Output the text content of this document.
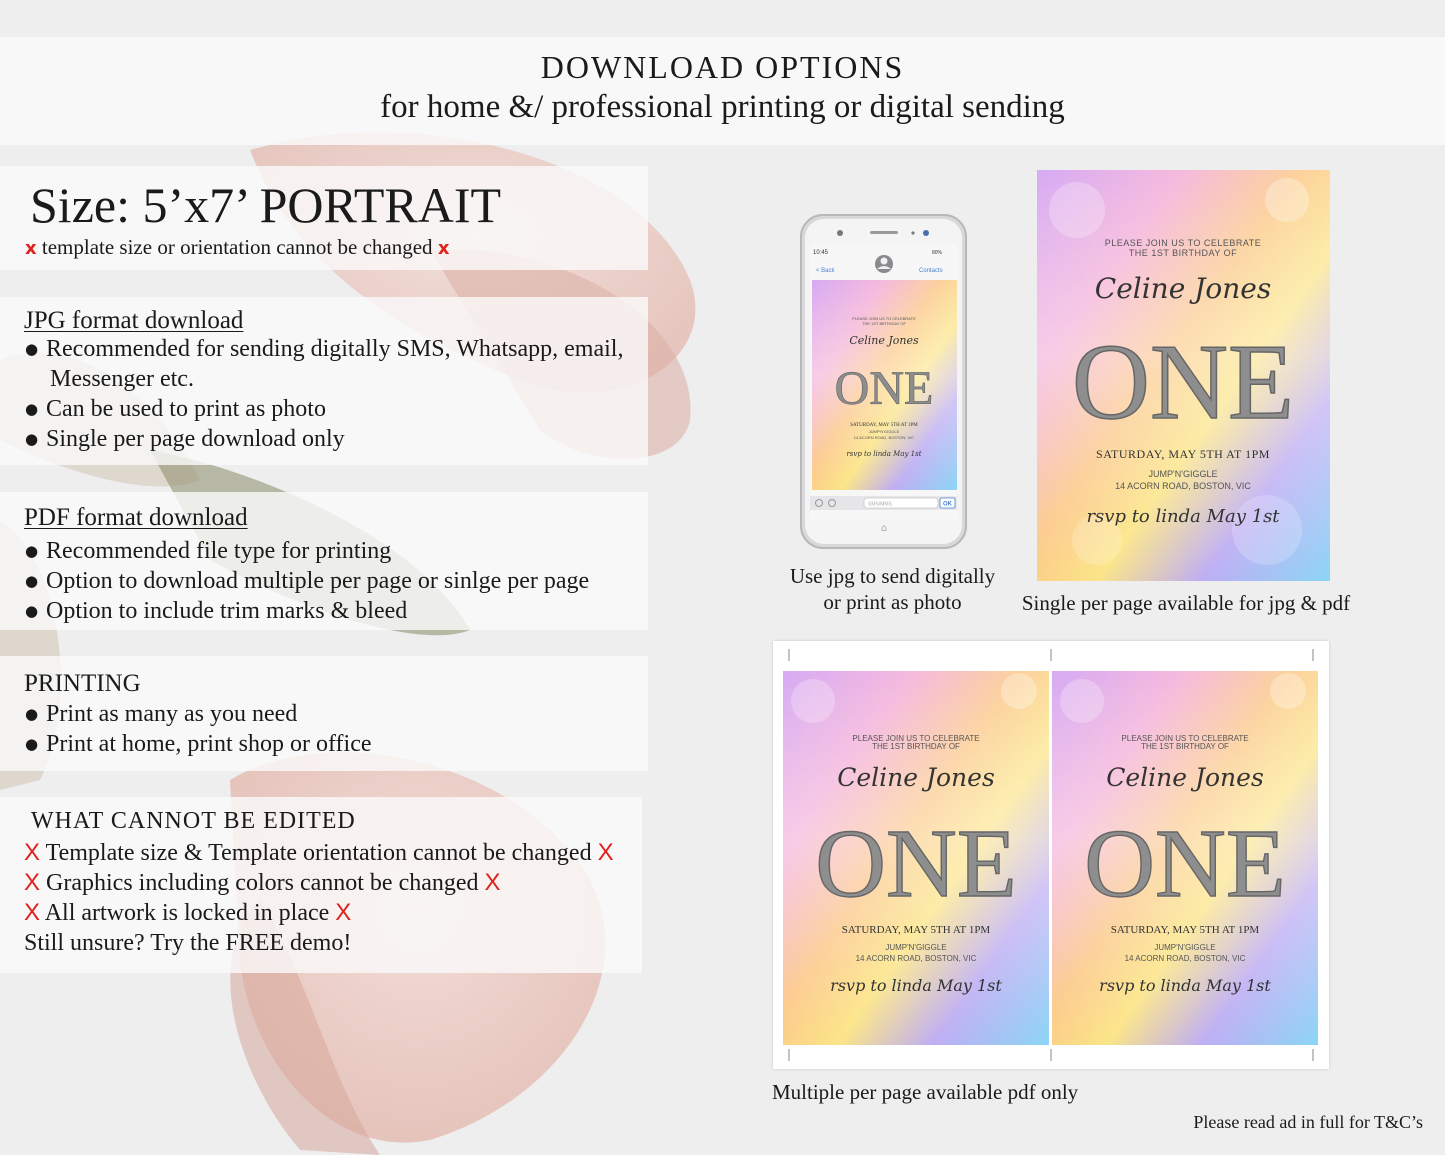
DOWNLOAD OPTIONS
for home &/ professional printing or digital sending
Size: 5’x7’ PORTRAIT
x template size or orientation cannot be changed x
JPG format download
● Recommended for sending digitally SMS, Whatsapp, email,
Messenger etc.
● Can be used to print as photo
● Single per page download only
PDF format download
● Recommended file type for printing
● Option to download multiple per page or sinlge per page
● Option to include trim marks & bleed
PRINTING
● Print as many as you need
● Print at home, print shop or office
WHAT CANNOT BE EDITED
X Template size & Template orientation cannot be changed X
X Graphics including colors cannot be changed X
X All artwork is locked in place X
Still unsure? Try the FREE demo!
10:45	80%
< Back	Contacts
PLEASE JOIN US TO CELEBRATE
THE 1ST BIRTHDAY OF
Celine Jones
ONE
SATURDAY, MAY 5TH AT 1PM
JUMP'N'GIGGLE
14 ACORN ROAD, BOSTON, VIC
rsvp to linda May 1st
SMS/MMS	OK
⌂
Use jpg to send digitally
or print as photo
PLEASE JOIN US TO CELEBRATE
THE 1ST BIRTHDAY OF
Celine Jones
ONE
SATURDAY, MAY 5TH AT 1PM
JUMP'N'GIGGLE
14 ACORN ROAD, BOSTON, VIC
rsvp to linda May 1st
Single per page available for jpg & pdf
PLEASE JOIN US TO CELEBRATE
THE 1ST BIRTHDAY OF
Celine Jones
ONE
SATURDAY, MAY 5TH AT 1PM
JUMP'N'GIGGLE
14 ACORN ROAD, BOSTON, VIC
rsvp to linda May 1st
PLEASE JOIN US TO CELEBRATE
THE 1ST BIRTHDAY OF
Celine Jones
ONE
SATURDAY, MAY 5TH AT 1PM
JUMP'N'GIGGLE
14 ACORN ROAD, BOSTON, VIC
rsvp to linda May 1st
Multiple per page available pdf only
Please read ad in full for T&C’s
